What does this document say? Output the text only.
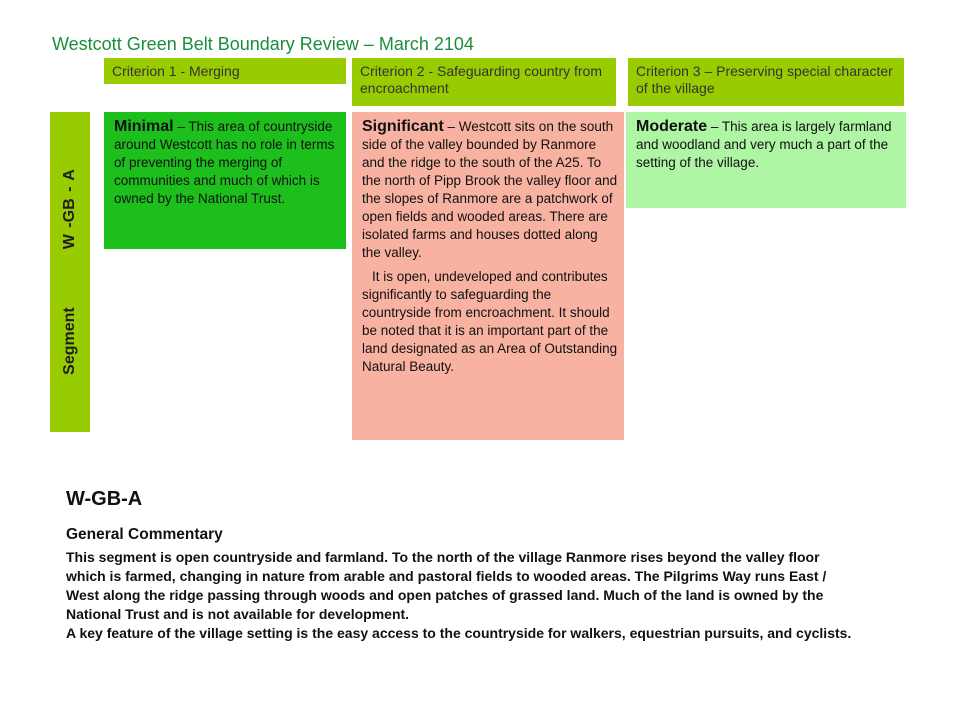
Westcott Green Belt Boundary Review – March 2104
Criterion 1 - Merging	Criterion 2 - Safeguarding country from encroachment
Criterion 3 – Preserving special character of the village
SegmentW -GB - A
Minimal – This area of countryside around Westcott has no role in terms of preventing the merging of communities and much of which is owned by the National Trust.

Significant – Westcott sits on the south side of the valley bounded by Ranmore and the ridge to the south of the A25. To the north of Pipp Brook the valley floor and the slopes of Ranmore are a patchwork of open fields and wooded areas. There are isolated farms and houses dotted along the valley.

It is open, undeveloped and contributes significantly to safeguarding the countryside from encroachment. It should be noted that it is an important part of the land designated as an Area of Outstanding Natural Beauty.

Moderate – This area is largely farmland and woodland and very much a part of the setting of the village.
W-GB-A
General Commentary

This segment is open countryside and farmland. To the north of the village Ranmore rises beyond the valley floor which is farmed, changing in nature from arable and pastoral fields to wooded areas. The Pilgrims Way runs East / West along the ridge passing through woods and open patches of grassed land. Much of the land is owned by the National Trust and is not available for development.

A key feature of the village setting is the easy access to the countryside for walkers, equestrian pursuits, and cyclists.
